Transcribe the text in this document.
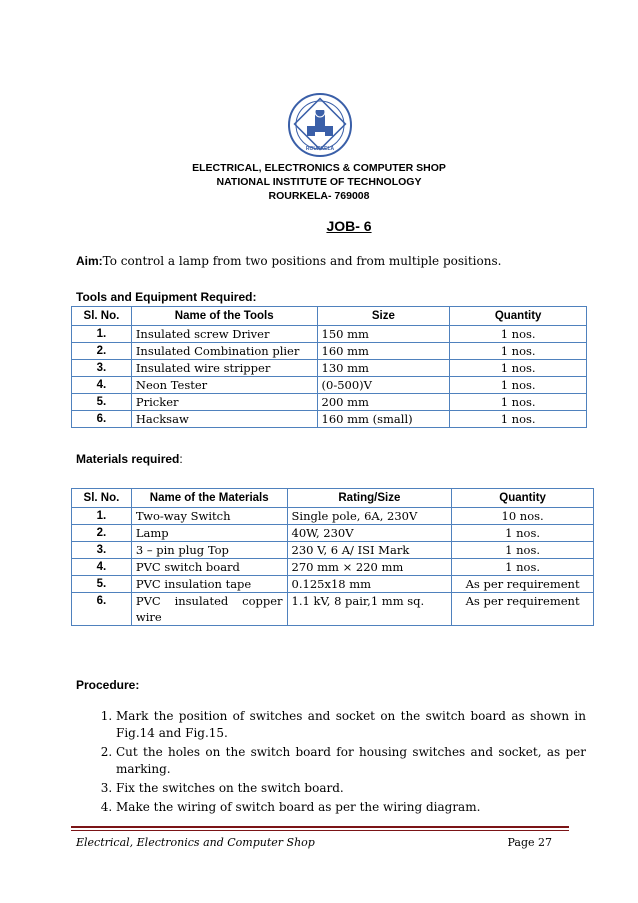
ROURKELA
ELECTRICAL, ELECTRONICS & COMPUTER SHOP
NATIONAL INSTITUTE OF TECHNOLOGY
ROURKELA- 769008
JOB- 6
Aim:To control a lamp from two positions and from multiple positions.
Tools and Equipment Required:
Sl. No.	Name of the Tools	Size	Quantity
1.	Insulated screw Driver	150 mm	1 nos.
2.	Insulated Combination plier	160 mm	1 nos.
3.	Insulated wire stripper	130 mm	1 nos.
4.	Neon Tester	(0-500)V	1 nos.
5.	Pricker	200 mm	1 nos.
6.	Hacksaw	160 mm (small)	1 nos.
Materials required:
Sl. No.	Name of the Materials	Rating/Size	Quantity
1.	Two-way Switch	Single pole, 6A, 230V	10 nos.
2.	Lamp	40W, 230V	1 nos.
3.	3 – pin plug Top	230 V, 6 A/ ISI Mark	1 nos.
4.	PVC switch board	270 mm × 220 mm	1 nos.
5.	PVC insulation tape	0.125x18 mm	As per requirement
6.	PVC insulated copper wire	1.1 kV, 8 pair,1 mm sq.	As per requirement
Procedure:
1. Mark the position of switches and socket on the switch board as shown in Fig.14 and Fig.15.
2. Cut the holes on the switch board for housing switches and socket, as per marking.
3. Fix the switches on the switch board.
4. Make the wiring of switch board as per the wiring diagram.
Electrical, Electronics and Computer Shop	Page 27
